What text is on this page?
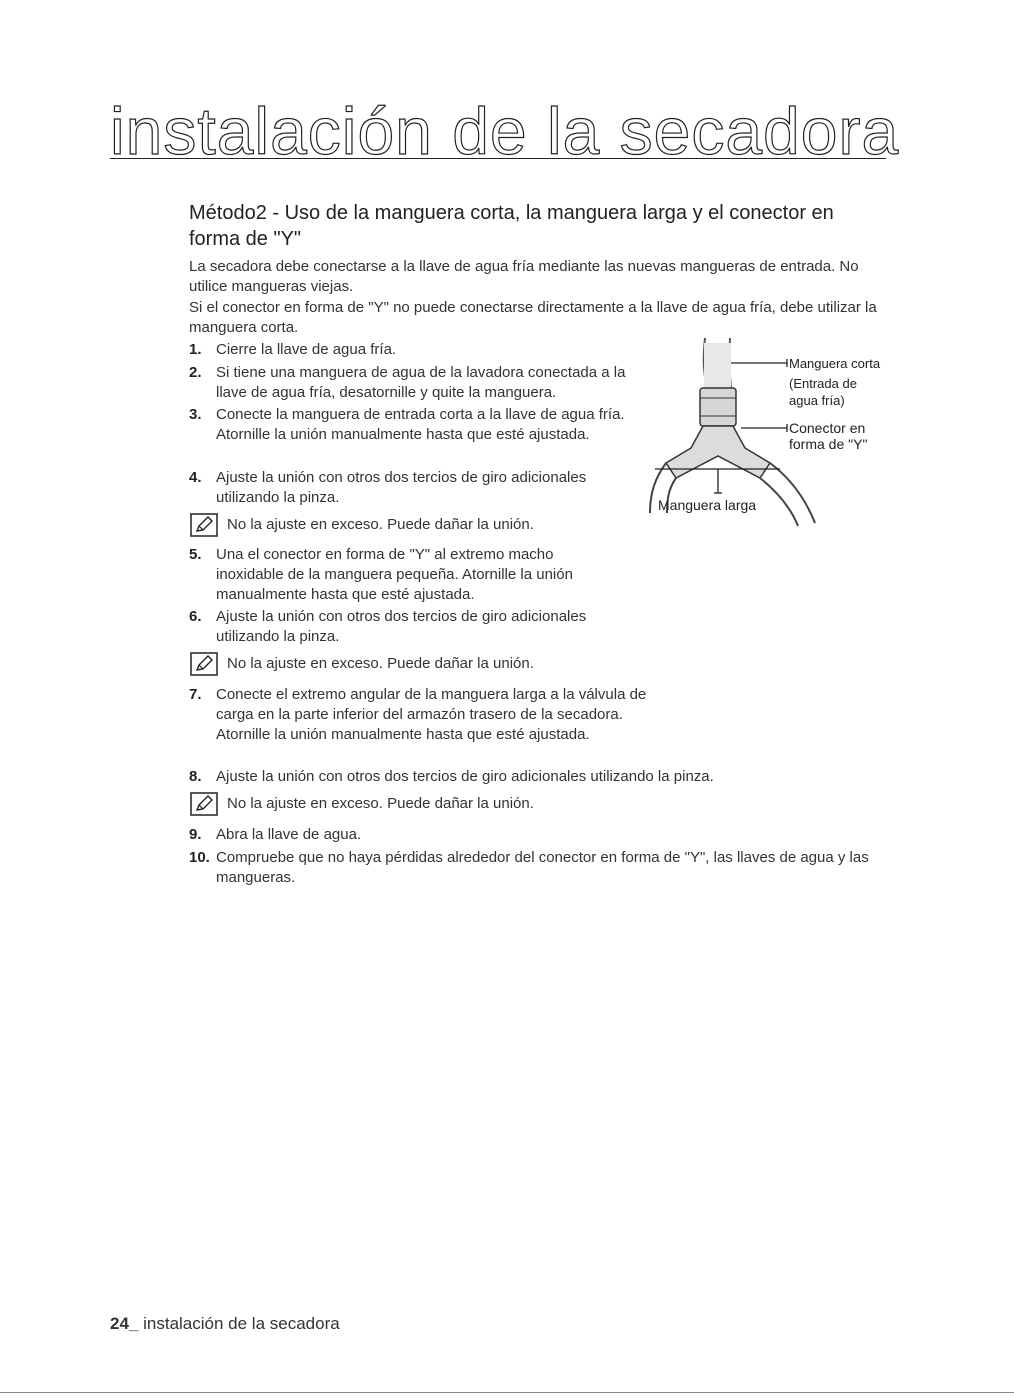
instalación de la secadora
Método2 - Uso de la manguera corta, la manguera larga y el conector en forma de "Y"
La secadora debe conectarse a la llave de agua fría mediante las nuevas mangueras de entrada. No utilice mangueras viejas.
Si el conector en forma de "Y" no puede conectarse directamente a la llave de agua fría, debe utilizar la manguera corta.
1. Cierre la llave de agua fría.
2. Si tiene una manguera de agua de la lavadora conectada a la llave de agua fría, desatornille y quite la manguera.
3. Conecte la manguera de entrada corta a la llave de agua fría. Atornille la unión manualmente hasta que esté ajustada.
4. Ajuste la unión con otros dos tercios de giro adicionales utilizando la pinza.
No la ajuste en exceso. Puede dañar la unión.
5. Una el conector en forma de "Y" al extremo macho inoxidable de la manguera pequeña. Atornille la unión manualmente hasta que esté ajustada.
6. Ajuste la unión con otros dos tercios de giro adicionales utilizando la pinza.
No la ajuste en exceso. Puede dañar la unión.
7. Conecte el extremo angular de la manguera larga a la válvula de carga en la parte inferior del armazón trasero de la secadora. Atornille la unión manualmente hasta que esté ajustada.
8. Ajuste la unión con otros dos tercios de giro adicionales utilizando la pinza.
No la ajuste en exceso. Puede dañar la unión.
9. Abra la llave de agua.
10. Compruebe que no haya pérdidas alrededor del conector en forma de "Y", las llaves de agua y las mangueras.
Manguera corta
(Entrada de
agua fría)
Conector en
forma de "Y"
Manguera larga
24_ instalación de la secadora
